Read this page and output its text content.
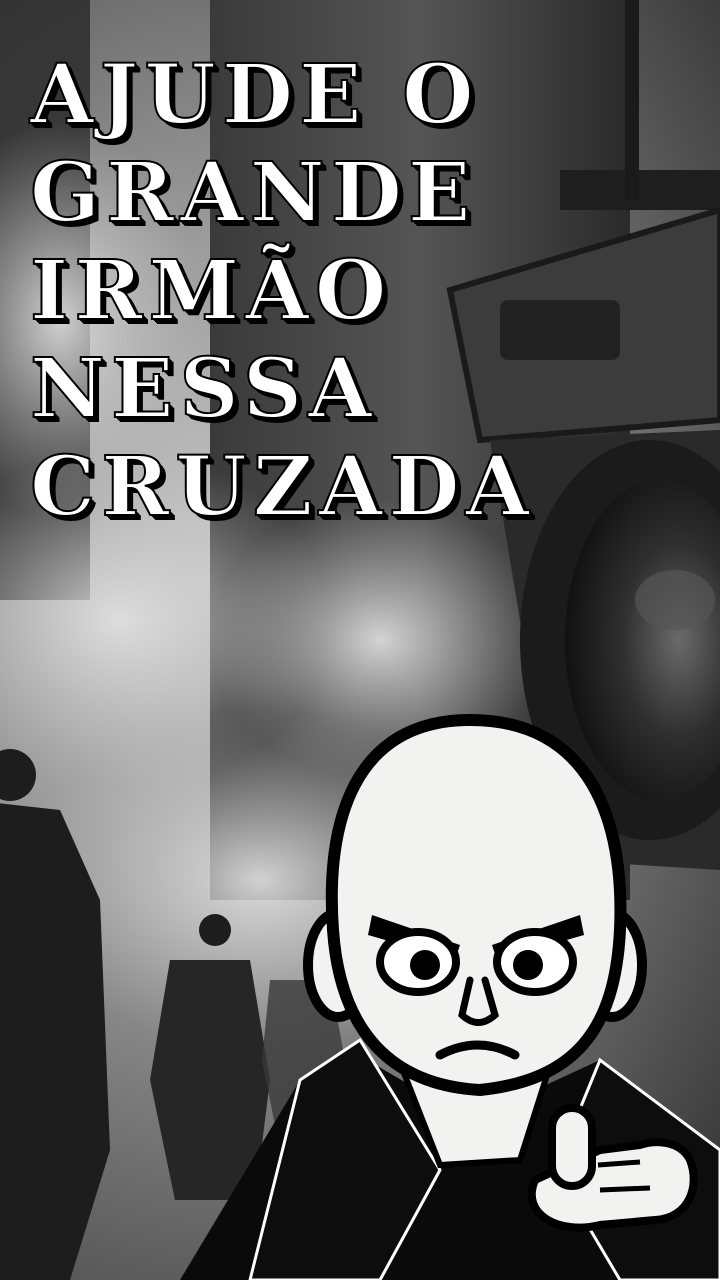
AJUDE O
GRANDE
IRMÃO
NESSA
CRUZADA
